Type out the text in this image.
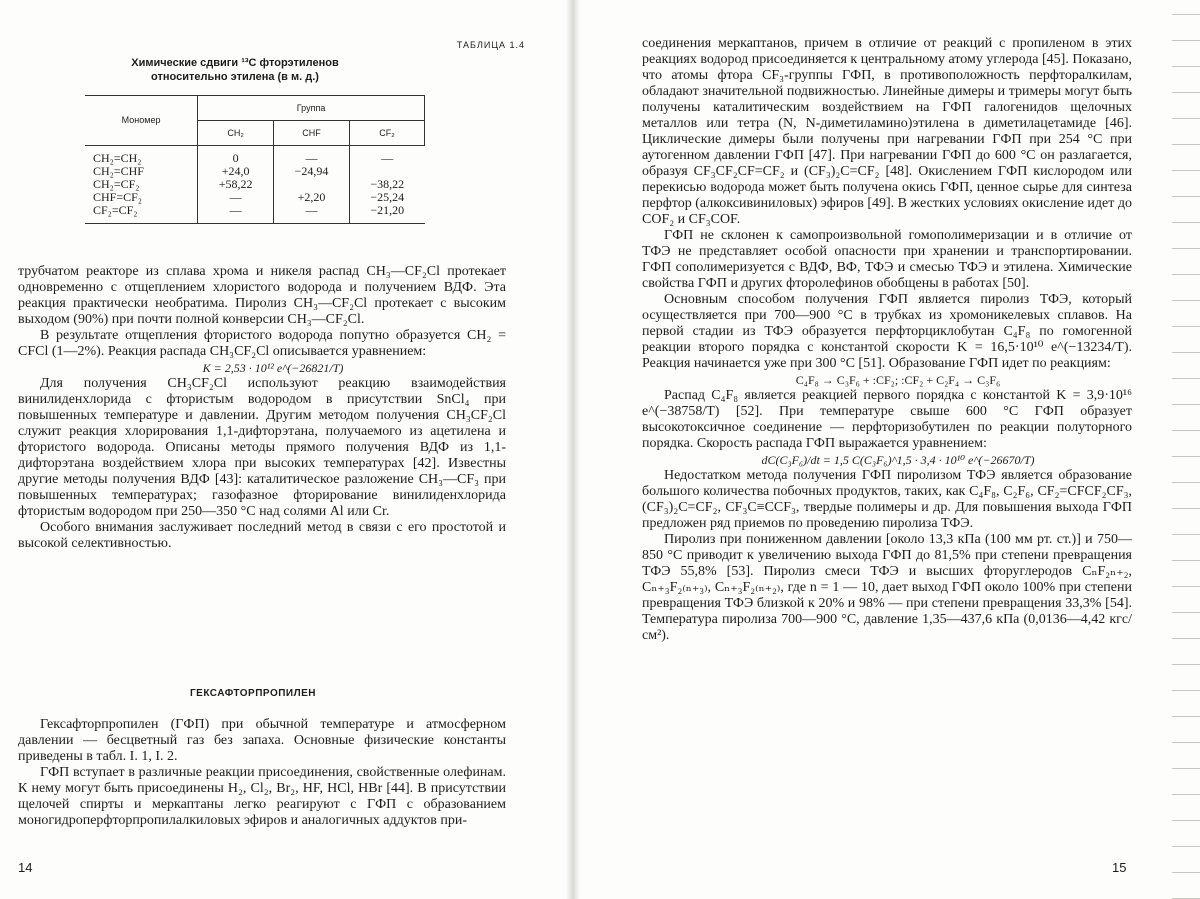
ТАБЛИЦА 1.4
Химические сдвиги ¹³С фторэтиленов относительно этилена (в м. д.)
Мономер	Группа		
	CH₂	CHF	CF₂
CH₂=CH₂	0	—	—
CH₂=CHF	+24,0	−24,94	
CH₂=CF₂	+58,22		−38,22
CHF=CF₂	—	+2,20	−25,24
CF₂=CF₂	—	—	−21,20

трубчатом реакторе из сплава хрома и никеля распад CH₃—CF₂Cl протекает одновременно с отщеплением хлористого водорода и получением ВДФ. Эта реакция практически необратима. Пиролиз CH₃—CF₂Cl протекает с высоким выходом (90%) при почти полной конверсии CH₃—CF₂Cl.

В результате отщепления фтористого водорода попутно образуется CH₂ = CFCl (1—2%). Реакция распада CH₃CF₂Cl описывается уравнением:

K = 2,53 · 10¹² e^(−26821/T)

Для получения CH₃CF₂Cl используют реакцию взаимодействия винилиденхлорида с фтористым водородом в присутствии SnCl₄ при повышенных температуре и давлении. Другим методом получения CH₃CF₂Cl служит реакция хлорирования 1,1-дифторэтана, получаемого из ацетилена и фтористого водорода. Описаны методы прямого получения ВДФ из 1,1-дифторэтана воздействием хлора при высоких температурах [42]. Известны другие методы получения ВДФ [43]: каталитическое разложение CH₃—CF₃ при повышенных температурах; газофазное фторирование винилиденхлорида фтористым водородом при 250—350 °C над солями Al или Cr.

Особого внимания заслуживает последний метод в связи с его простотой и высокой селективностью.

ГЕКСАФТОРПРОПИЛЕН

Гексафторпропилен (ГФП) при обычной температуре и атмосферном давлении — бесцветный газ без запаха. Основные физические константы приведены в табл. I. 1, I. 2.

ГФП вступает в различные реакции присоединения, свойственные олефинам. К нему могут быть присоединены H₂, Cl₂, Br₂, HF, HCl, HBr [44]. В присутствии щелочей спирты и меркаптаны легко реагируют с ГФП с образованием моногидроперфторпропилалкиловых эфиров и аналогичных аддуктов при-

14

соединения меркаптанов, причем в отличие от реакций с пропиленом в этих реакциях водород присоединяется к центральному атому углерода [45]. Показано, что атомы фтора CF₃-группы ГФП, в противоположность перфторалкилам, обладают значительной подвижностью. Линейные димеры и тримеры могут быть получены каталитическим воздействием на ГФП галогенидов щелочных металлов или тетра (N, N-диметиламино)этилена в диметилацетамиде [46]. Циклические димеры были получены при нагревании ГФП при 254 °C при аутогенном давлении ГФП [47]. При нагревании ГФП до 600 °C он разлагается, образуя CF₃CF₂CF=CF₂ и (CF₃)₂C=CF₂ [48]. Окислением ГФП кислородом или перекисью водорода может быть получена окись ГФП, ценное сырье для синтеза перфтор (алкоксивиниловых) эфиров [49]. В жестких условиях окисление идет до COF₂ и CF₃COF.

ГФП не склонен к самопроизвольной гомополимеризации и в отличие от ТФЭ не представляет особой опасности при хранении и транспортировании. ГФП сополимеризуется с ВДФ, ВФ, ТФЭ и смесью ТФЭ и этилена. Химические свойства ГФП и других фторолефинов обобщены в работах [50].

Основным способом получения ГФП является пиролиз ТФЭ, который осуществляется при 700—900 °C в трубках из хромоникелевых сплавов. На первой стадии из ТФЭ образуется перфторциклобутан C₄F₈ по гомогенной реакции второго порядка с константой скорости K = 16,5·10¹⁰ e^(−13234/T). Реакция начинается уже при 300 °C [51]. Образование ГФП идет по реакциям:

C₄F₈ → C₃F₆ + :CF₂; :CF₂ + C₂F₄ → C₃F₆

Распад C₄F₈ является реакцией первого порядка с константой K = 3,9·10¹⁶ e^(−38758/T) [52]. При температуре свыше 600 °C ГФП образует высокотоксичное соединение — перфторизобутилен по реакции полуторного порядка. Скорость распада ГФП выражается уравнением:

dC(C₃F₆)/dt = 1,5 C(C₃F₆)^1,5 · 3,4 · 10¹⁰ e^(−26670/T)

Недостатком метода получения ГФП пиролизом ТФЭ является образование большого количества побочных продуктов, таких, как C₄F₈, C₂F₆, CF₂=CFCF₂CF₃, (CF₃)₂C=CF₂, CF₃C≡CCF₃, твердые полимеры и др. Для повышения выхода ГФП предложен ряд приемов по проведению пиролиза ТФЭ.

Пиролиз при пониженном давлении [около 13,3 кПа (100 мм рт. ст.)] и 750—850 °C приводит к увеличению выхода ГФП до 81,5% при степени превращения ТФЭ 55,8% [53]. Пиролиз смеси ТФЭ и высших фторуглеродов CₙF₂ₙ₊₂, Cₙ₊₃F₂₍ₙ₊₃₎, Cₙ₊₃F₂₍ₙ₊₂₎, где n = 1 — 10, дает выход ГФП около 100% при степени превращения ТФЭ близкой к 20% и 98% — при степени превращения 33,3% [54]. Температура пиролиза 700—900 °C, давление 1,35—437,6 кПа (0,0136—4,42 кгс/см²).

15
